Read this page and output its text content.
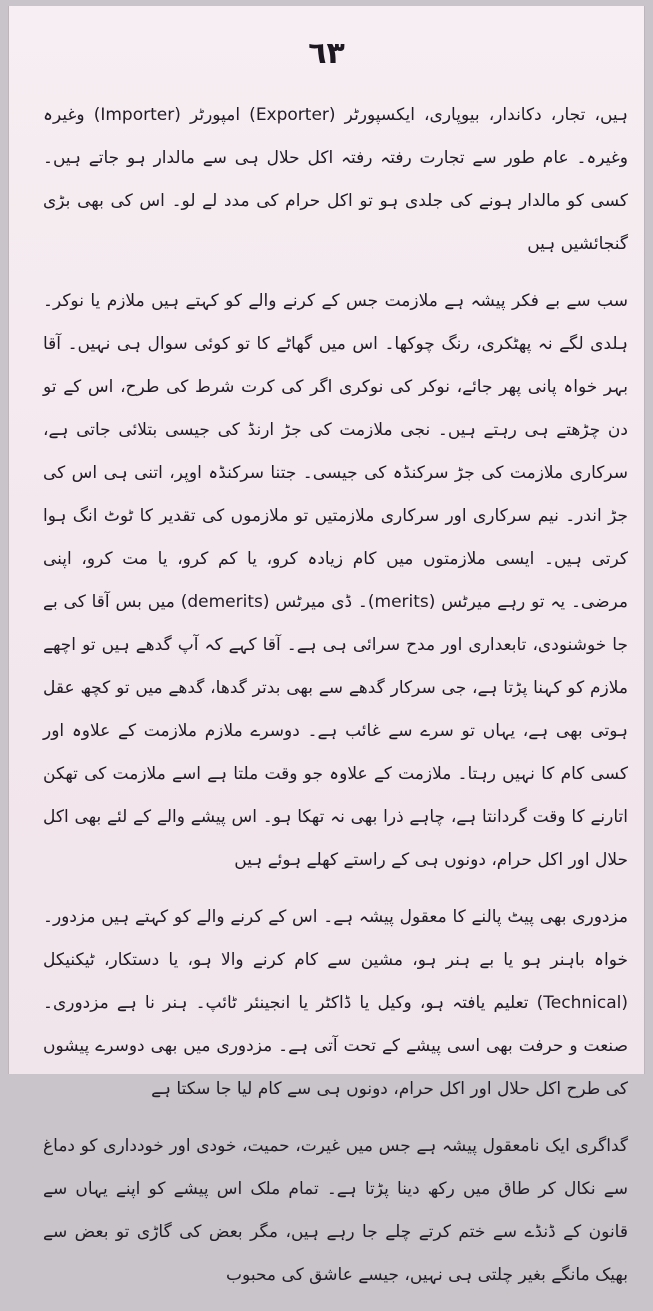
٦٣

ہیں، تجار، دکاندار، بیوپاری، ایکسپورٹر (Exporter) امپورٹر (Importer) وغیرہ وغیرہ۔ عام طور سے تجارت رفتہ رفتہ اکل حلال ہی سے مالدار ہو جاتے ہیں۔ کسی کو مالدار ہونے کی جلدی ہو تو اکل حرام کی مدد لے لو۔ اس کی بھی بڑی گنجائشیں ہیں

سب سے بے فکر پیشہ ہے ملازمت جس کے کرنے والے کو کہتے ہیں ملازم یا نوکر۔ ہلدی لگے نہ پھٹکری، رنگ چوکھا۔ اس میں گھاٹے کا تو کوئی سوال ہی نہیں۔ آقا بہر خواہ پانی پھر جائے، نوکر کی نوکری اگر کی کرت شرط کی طرح، اس کے تو دن چڑھتے ہی رہتے ہیں۔ نجی ملازمت کی جڑ ارنڈ کی جیسی بتلائی جاتی ہے، سرکاری ملازمت کی جڑ سرکنڈہ کی جیسی۔ جتنا سرکنڈہ اوپر، اتنی ہی اس کی جڑ اندر۔ نیم سرکاری اور سرکاری ملازمتیں تو ملازموں کی تقدیر کا ٹوٹ انگ ہوا کرتی ہیں۔ ایسی ملازمتوں میں کام زیادہ کرو، یا کم کرو، یا مت کرو، اپنی مرضی۔ یہ تو رہے میرٹس (merits)۔ ڈی میرٹس (demerits) میں بس آقا کی بے جا خوشنودی، تابعداری اور مدح سرائی ہی ہے۔ آقا کہے کہ آپ گدھے ہیں تو اچھے ملازم کو کہنا پڑتا ہے، جی سرکار گدھے سے بھی بدتر گدھا، گدھے میں تو کچھ عقل ہوتی بھی ہے، یہاں تو سرے سے غائب ہے۔ دوسرے ملازم ملازمت کے علاوہ اور کسی کام کا نہیں رہتا۔ ملازمت کے علاوہ جو وقت ملتا ہے اسے ملازمت کی تھکن اتارنے کا وقت گردانتا ہے، چاہے ذرا بھی نہ تھکا ہو۔ اس پیشے والے کے لئے بھی اکل حلال اور اکل حرام، دونوں ہی کے راستے کھلے ہوئے ہیں

مزدوری بھی پیٹ پالنے کا معقول پیشہ ہے۔ اس کے کرنے والے کو کہتے ہیں مزدور۔ خواہ باہنر ہو یا بے ہنر ہو، مشین سے کام کرنے والا ہو، یا دستکار، ٹیکنیکل (Technical) تعلیم یافتہ ہو، وکیل یا ڈاکٹر یا انجینئر ٹائپ۔ ہنر نا ہے مزدوری۔ صنعت و حرفت بھی اسی پیشے کے تحت آتی ہے۔ مزدوری میں بھی دوسرے پیشوں کی طرح اکل حلال اور اکل حرام، دونوں ہی سے کام لیا جا سکتا ہے

گداگری ایک نامعقول پیشہ ہے جس میں غیرت، حمیت، خودی اور خودداری کو دماغ سے نکال کر طاق میں رکھ دینا پڑتا ہے۔ تمام ملک اس پیشے کو اپنے یہاں سے قانون کے ڈنڈے سے ختم کرتے چلے جا رہے ہیں، مگر بعض کی گاڑی تو بعض سے بھیک مانگے بغیر چلتی ہی نہیں، جیسے عاشق کی محبوب
